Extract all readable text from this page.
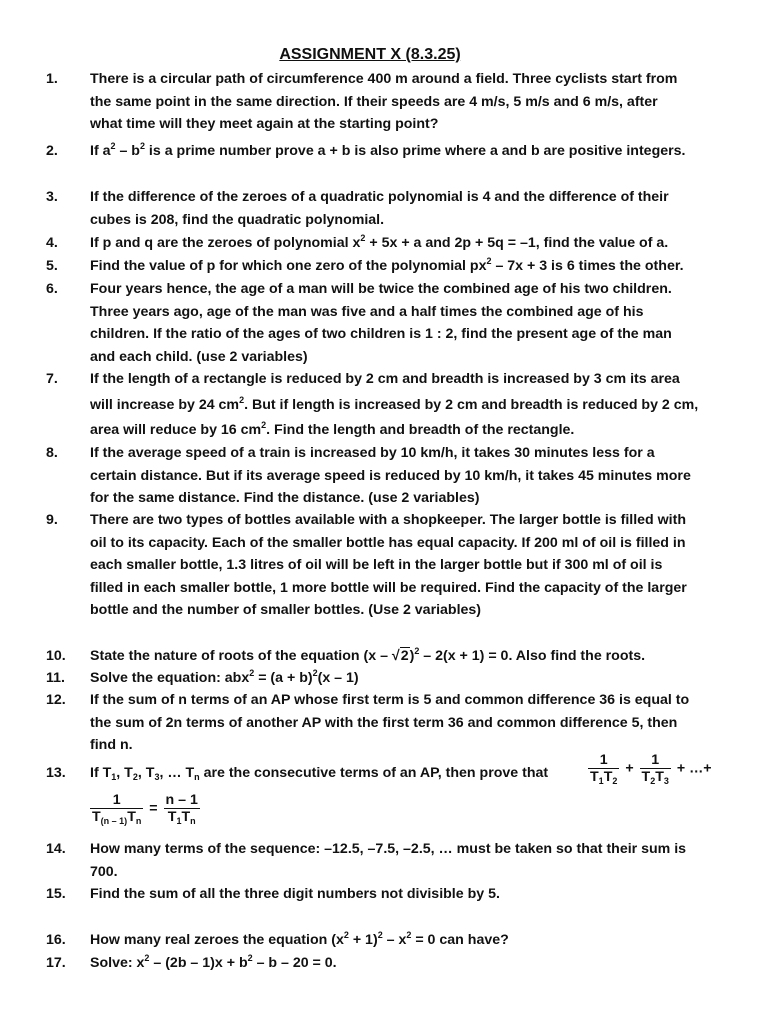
ASSIGNMENT X (8.3.25)
1. There is a circular path of circumference 400 m around a field. Three cyclists start from
the same point in the same direction. If their speeds are 4 m/s, 5 m/s and 6 m/s, after
what time will they meet again at the starting point?
2. If $a^2 - b^2$ is a prime number prove a + b is also prime where a and b are positive integers.
3. If the difference of the zeroes of a quadratic polynomial is 4 and the difference of their
cubes is 208, find the quadratic polynomial.
4. If p and q are the zeroes of polynomial $x^2 + 5x + a$ and 2p + 5q = –1, find the value of a.
5. Find the value of p for which one zero of the polynomial $px^2 - 7x + 3$ is 6 times the other.
6. Four years hence, the age of a man will be twice the combined age of his two children.
Three years ago, age of the man was five and a half times the combined age of his
children. If the ratio of the ages of two children is 1 : 2, find the present age of the man
and each child. (use 2 variables)
7. If the length of a rectangle is reduced by 2 cm and breadth is increased by 3 cm its area
will increase by 24 $cm^2$. But if length is increased by 2 cm and breadth is reduced by 2 cm,
area will reduce by 16 $cm^2$. Find the length and breadth of the rectangle.
8. If the average speed of a train is increased by 10 km/h, it takes 30 minutes less for a
certain distance. But if its average speed is reduced by 10 km/h, it takes 45 minutes more
for the same distance. Find the distance. (use 2 variables)
9. There are two types of bottles available with a shopkeeper. The larger bottle is filled with
oil to its capacity. Each of the smaller bottle has equal capacity. If 200 ml of oil is filled in
each smaller bottle, 1.3 litres of oil will be left in the larger bottle but if 300 ml of oil is
filled in each smaller bottle, 1 more bottle will be required. Find the capacity of the larger
bottle and the number of smaller bottles. (Use 2 variables)
10. State the nature of roots of the equation (x – √2)$^2$ – 2(x + 1) = 0. Also find the roots.
11. Solve the equation: $abx^2 = (a + b)^2(x - 1)$
12. If the sum of n terms of an AP whose first term is 5 and common difference 36 is equal to
the sum of 2n terms of another AP with the first term 36 and common difference 5, then
find n.
13. If $T_1$, $T_2$, $T_3$, … $T_n$ are the consecutive terms of an AP, then prove that	$\frac{1}{T_1T_2} + \frac{1}{T_2T_3}$ + …+
$\frac{1}{T_{(n - 1)}T_n} = \frac{n - 1}{T_1T_n}$
14. How many terms of the sequence: –12.5, –7.5, –2.5, … must be taken so that their sum is
700.
15. Find the sum of all the three digit numbers not divisible by 5.
16. How many real zeroes the equation $(x^2 + 1)^2 - x^2 = 0$ can have?
17. Solve: $x^2 - (2b - 1)x + b^2 - b - 20 = 0$.
